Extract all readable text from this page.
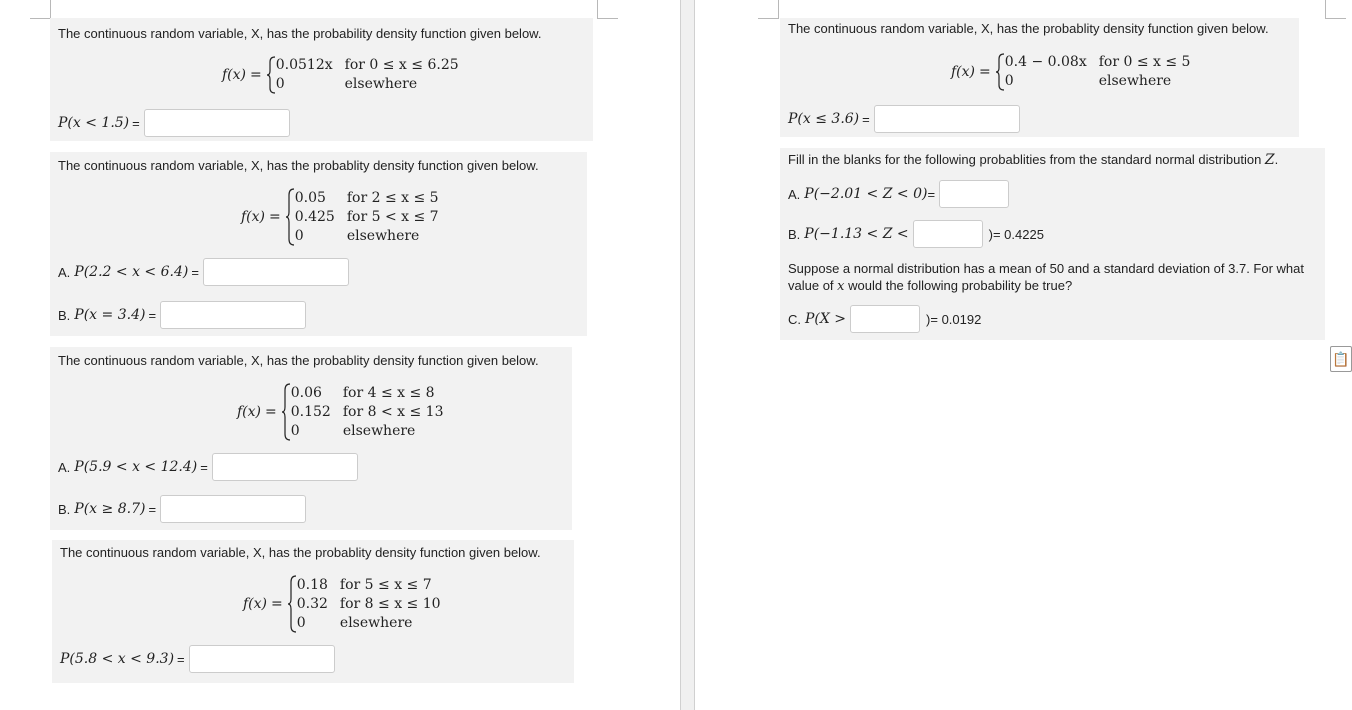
The continuous random variable, X, has the probability density function given below.
f(x) =
0.0512x for 0 ≤ x ≤ 6.25
0	elsewhere
P(x < 1.5) =
The continuous random variable, X, has the probablity density function given below.
f(x) =
0.05	for 2 ≤ x ≤ 5
0.425 for 5 < x ≤ 7
0	elsewhere
A. P(2.2 < x < 6.4) =
B. P(x = 3.4) =
The continuous random variable, X, has the probablity density function given below.
f(x) =
0.06	for 4 ≤ x ≤ 8
0.152 for 8 < x ≤ 13
0	elsewhere
A. P(5.9 < x < 12.4) =
B. P(x ≥ 8.7) =
The continuous random variable, X, has the probablity density function given below.
f(x) =
0.18 for 5 ≤ x ≤ 7
0.32 for 8 ≤ x ≤ 10
0	elsewhere
P(5.8 < x < 9.3) =
The continuous random variable, X, has the probablity density function given below.
f(x) =
0.4 − 0.08x for 0 ≤ x ≤ 5
0	elsewhere
P(x ≤ 3.6) =
Fill in the blanks for the following probablities from the standard normal distribution Z.
A. P(−2.01 < Z < 0) =
B. P(−1.13 < Z <	)= 0.4225
Suppose a normal distribution has a mean of 50 and a standard deviation of 3.7. For what value of x would the following probability be true?
C. P(X >	)= 0.0192
📋
